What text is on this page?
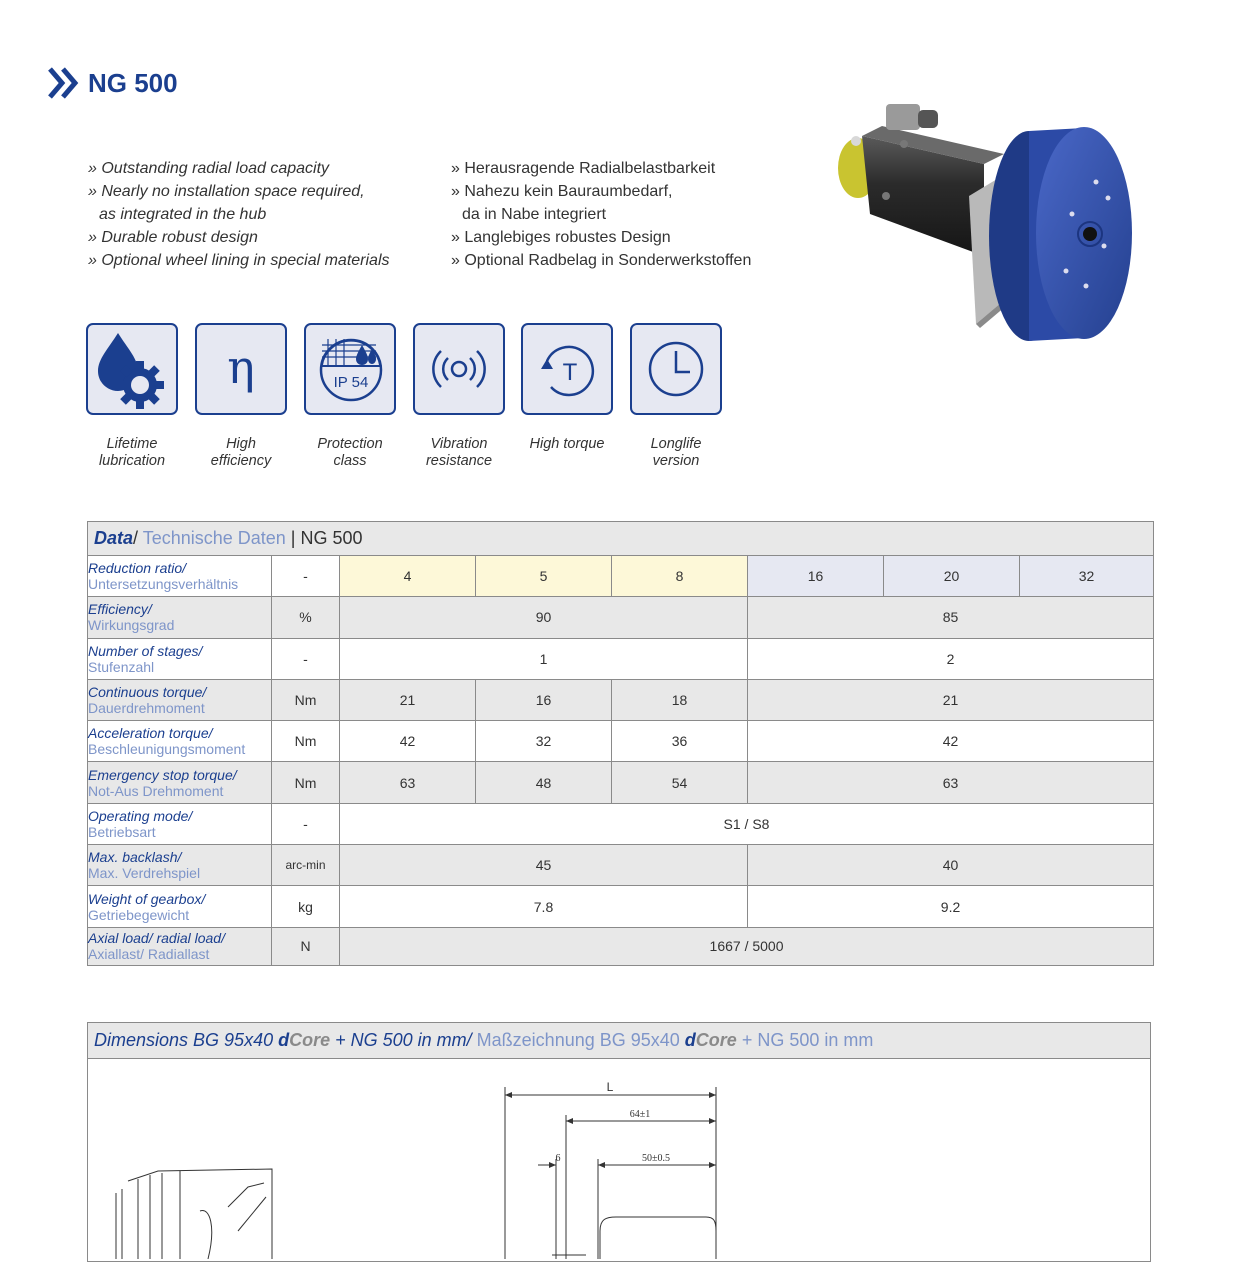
NG 500
» Outstanding radial load capacity
» Nearly no installation space required,
as integrated in the hub
» Durable robust design
» Optional wheel lining in special materials
» Herausragende Radialbelastbarkeit
» Nahezu kein Bauraumbedarf,
da in Nabe integriert
» Langlebiges robustes Design
» Optional Radbelag in Sonderwerkstoffen
η	IP 54	T
Lifetime
lubrication
High efficiency
Protection
class
Vibration
resistance
High torque	Longlife
version
Data/ Technische Daten | NG 500							

Reduction ratio/
Untersetzungsverhältnis	-	4	5	8	16	20	32

Efficiency/
Wirkungsgrad	%	90			85		

Number of stages/
Stufenzahl	-	1			2		

Continuous torque/
Dauerdrehmoment	Nm	21	16	18	21		

Acceleration torque/
Beschleunigungsmoment	Nm	42	32	36	42		

Emergency stop torque/
Not-Aus Drehmoment	Nm	63	48	54	63		

Operating mode/
Betriebsart	-	S1 / S8					

Max. backlash/
Max. Verdrehspiel	arc-min	45			40		

Weight of gearbox/
Getriebegewicht	kg	7.8			9.2		

Axial load/ radial load/
Axiallast/ Radiallast	N	1667 / 5000					
Dimensions BG 95x40 dCore + NG 500 in mm/ Maßzeichnung BG 95x40 dCore + NG 500 in mm
L
64±1
6	50±0.5
